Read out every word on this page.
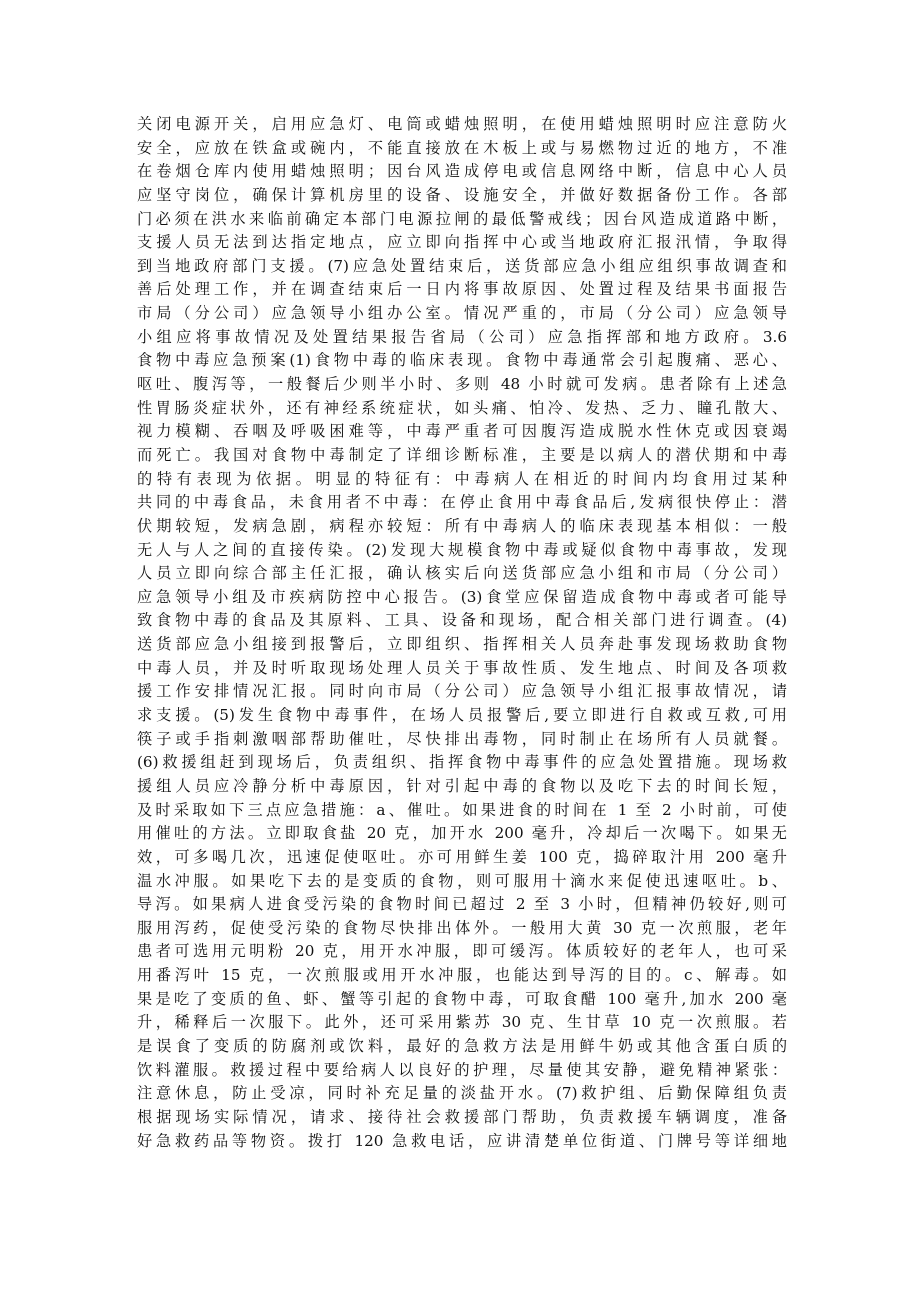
关闭电源开关，启用应急灯、电筒或蜡烛照明，在使用蜡烛照明时应注意防火
安全，应放在铁盒或碗内，不能直接放在木板上或与易燃物过近的地方，不准
在卷烟仓库内使用蜡烛照明；因台风造成停电或信息网络中断，信息中心人员
应坚守岗位，确保计算机房里的设备、设施安全，并做好数据备份工作。各部
门必须在洪水来临前确定本部门电源拉闸的最低警戒线；因台风造成道路中断，
支援人员无法到达指定地点，应立即向指挥中心或当地政府汇报汛情，争取得
到当地政府部门支援。(7)应急处置结束后，送货部应急小组应组织事故调查和
善后处理工作，并在调查结束后一日内将事故原因、处置过程及结果书面报告
市局（分公司）应急领导小组办公室。情况严重的，市局（分公司）应急领导
小组应将事故情况及处置结果报告省局（公司）应急指挥部和地方政府。3.6
食物中毒应急预案(1)食物中毒的临床表现。食物中毒通常会引起腹痛、恶心、
呕吐、腹泻等，一般餐后少则半小时、多则 48 小时就可发病。患者除有上述急
性胃肠炎症状外，还有神经系统症状，如头痛、怕冷、发热、乏力、瞳孔散大、
视力模糊、吞咽及呼吸困难等，中毒严重者可因腹泻造成脱水性休克或因衰竭
而死亡。我国对食物中毒制定了详细诊断标准，主要是以病人的潜伏期和中毒
的特有表现为依据。明显的特征有：中毒病人在相近的时间内均食用过某种
共同的中毒食品，未食用者不中毒：在停止食用中毒食品后,发病很快停止：潜
伏期较短，发病急剧，病程亦较短：所有中毒病人的临床表现基本相似：一般
无人与人之间的直接传染。(2)发现大规模食物中毒或疑似食物中毒事故，发现
人员立即向综合部主任汇报，确认核实后向送货部应急小组和市局（分公司）
应急领导小组及市疾病防控中心报告。(3)食堂应保留造成食物中毒或者可能导
致食物中毒的食品及其原料、工具、设备和现场，配合相关部门进行调查。(4)
送货部应急小组接到报警后，立即组织、指挥相关人员奔赴事发现场救助食物
中毒人员，并及时听取现场处理人员关于事故性质、发生地点、时间及各项救
援工作安排情况汇报。同时向市局（分公司）应急领导小组汇报事故情况，请
求支援。(5)发生食物中毒事件，在场人员报警后,要立即进行自救或互救,可用
筷子或手指刺激咽部帮助催吐，尽快排出毒物，同时制止在场所有人员就餐。
(6)救援组赶到现场后，负责组织、指挥食物中毒事件的应急处置措施。现场救
援组人员应冷静分析中毒原因，针对引起中毒的食物以及吃下去的时间长短，
及时采取如下三点应急措施：a、催吐。如果进食的时间在 1 至 2 小时前，可使
用催吐的方法。立即取食盐 20 克，加开水 200 毫升，冷却后一次喝下。如果无
效，可多喝几次，迅速促使呕吐。亦可用鲜生姜 100 克，捣碎取汁用 200 毫升
温水冲服。如果吃下去的是变质的食物，则可服用十滴水来促使迅速呕吐。b、
导泻。如果病人进食受污染的食物时间已超过 2 至 3 小时，但精神仍较好,则可
服用泻药，促使受污染的食物尽快排出体外。一般用大黄 30 克一次煎服，老年
患者可选用元明粉 20 克，用开水冲服，即可缓泻。体质较好的老年人，也可采
用番泻叶 15 克，一次煎服或用开水冲服，也能达到导泻的目的。c、解毒。如
果是吃了变质的鱼、虾、蟹等引起的食物中毒，可取食醋 100 毫升,加水 200 毫
升，稀释后一次服下。此外，还可采用紫苏 30 克、生甘草 10 克一次煎服。若
是误食了变质的防腐剂或饮料，最好的急救方法是用鲜牛奶或其他含蛋白质的
饮料灌服。救援过程中要给病人以良好的护理，尽量使其安静，避免精神紧张：
注意休息，防止受凉，同时补充足量的淡盐开水。(7)救护组、后勤保障组负责
根据现场实际情况，请求、接待社会救援部门帮助，负责救援车辆调度，准备
好急救药品等物资。拨打 120 急救电话，应讲清楚单位街道、门牌号等详细地
